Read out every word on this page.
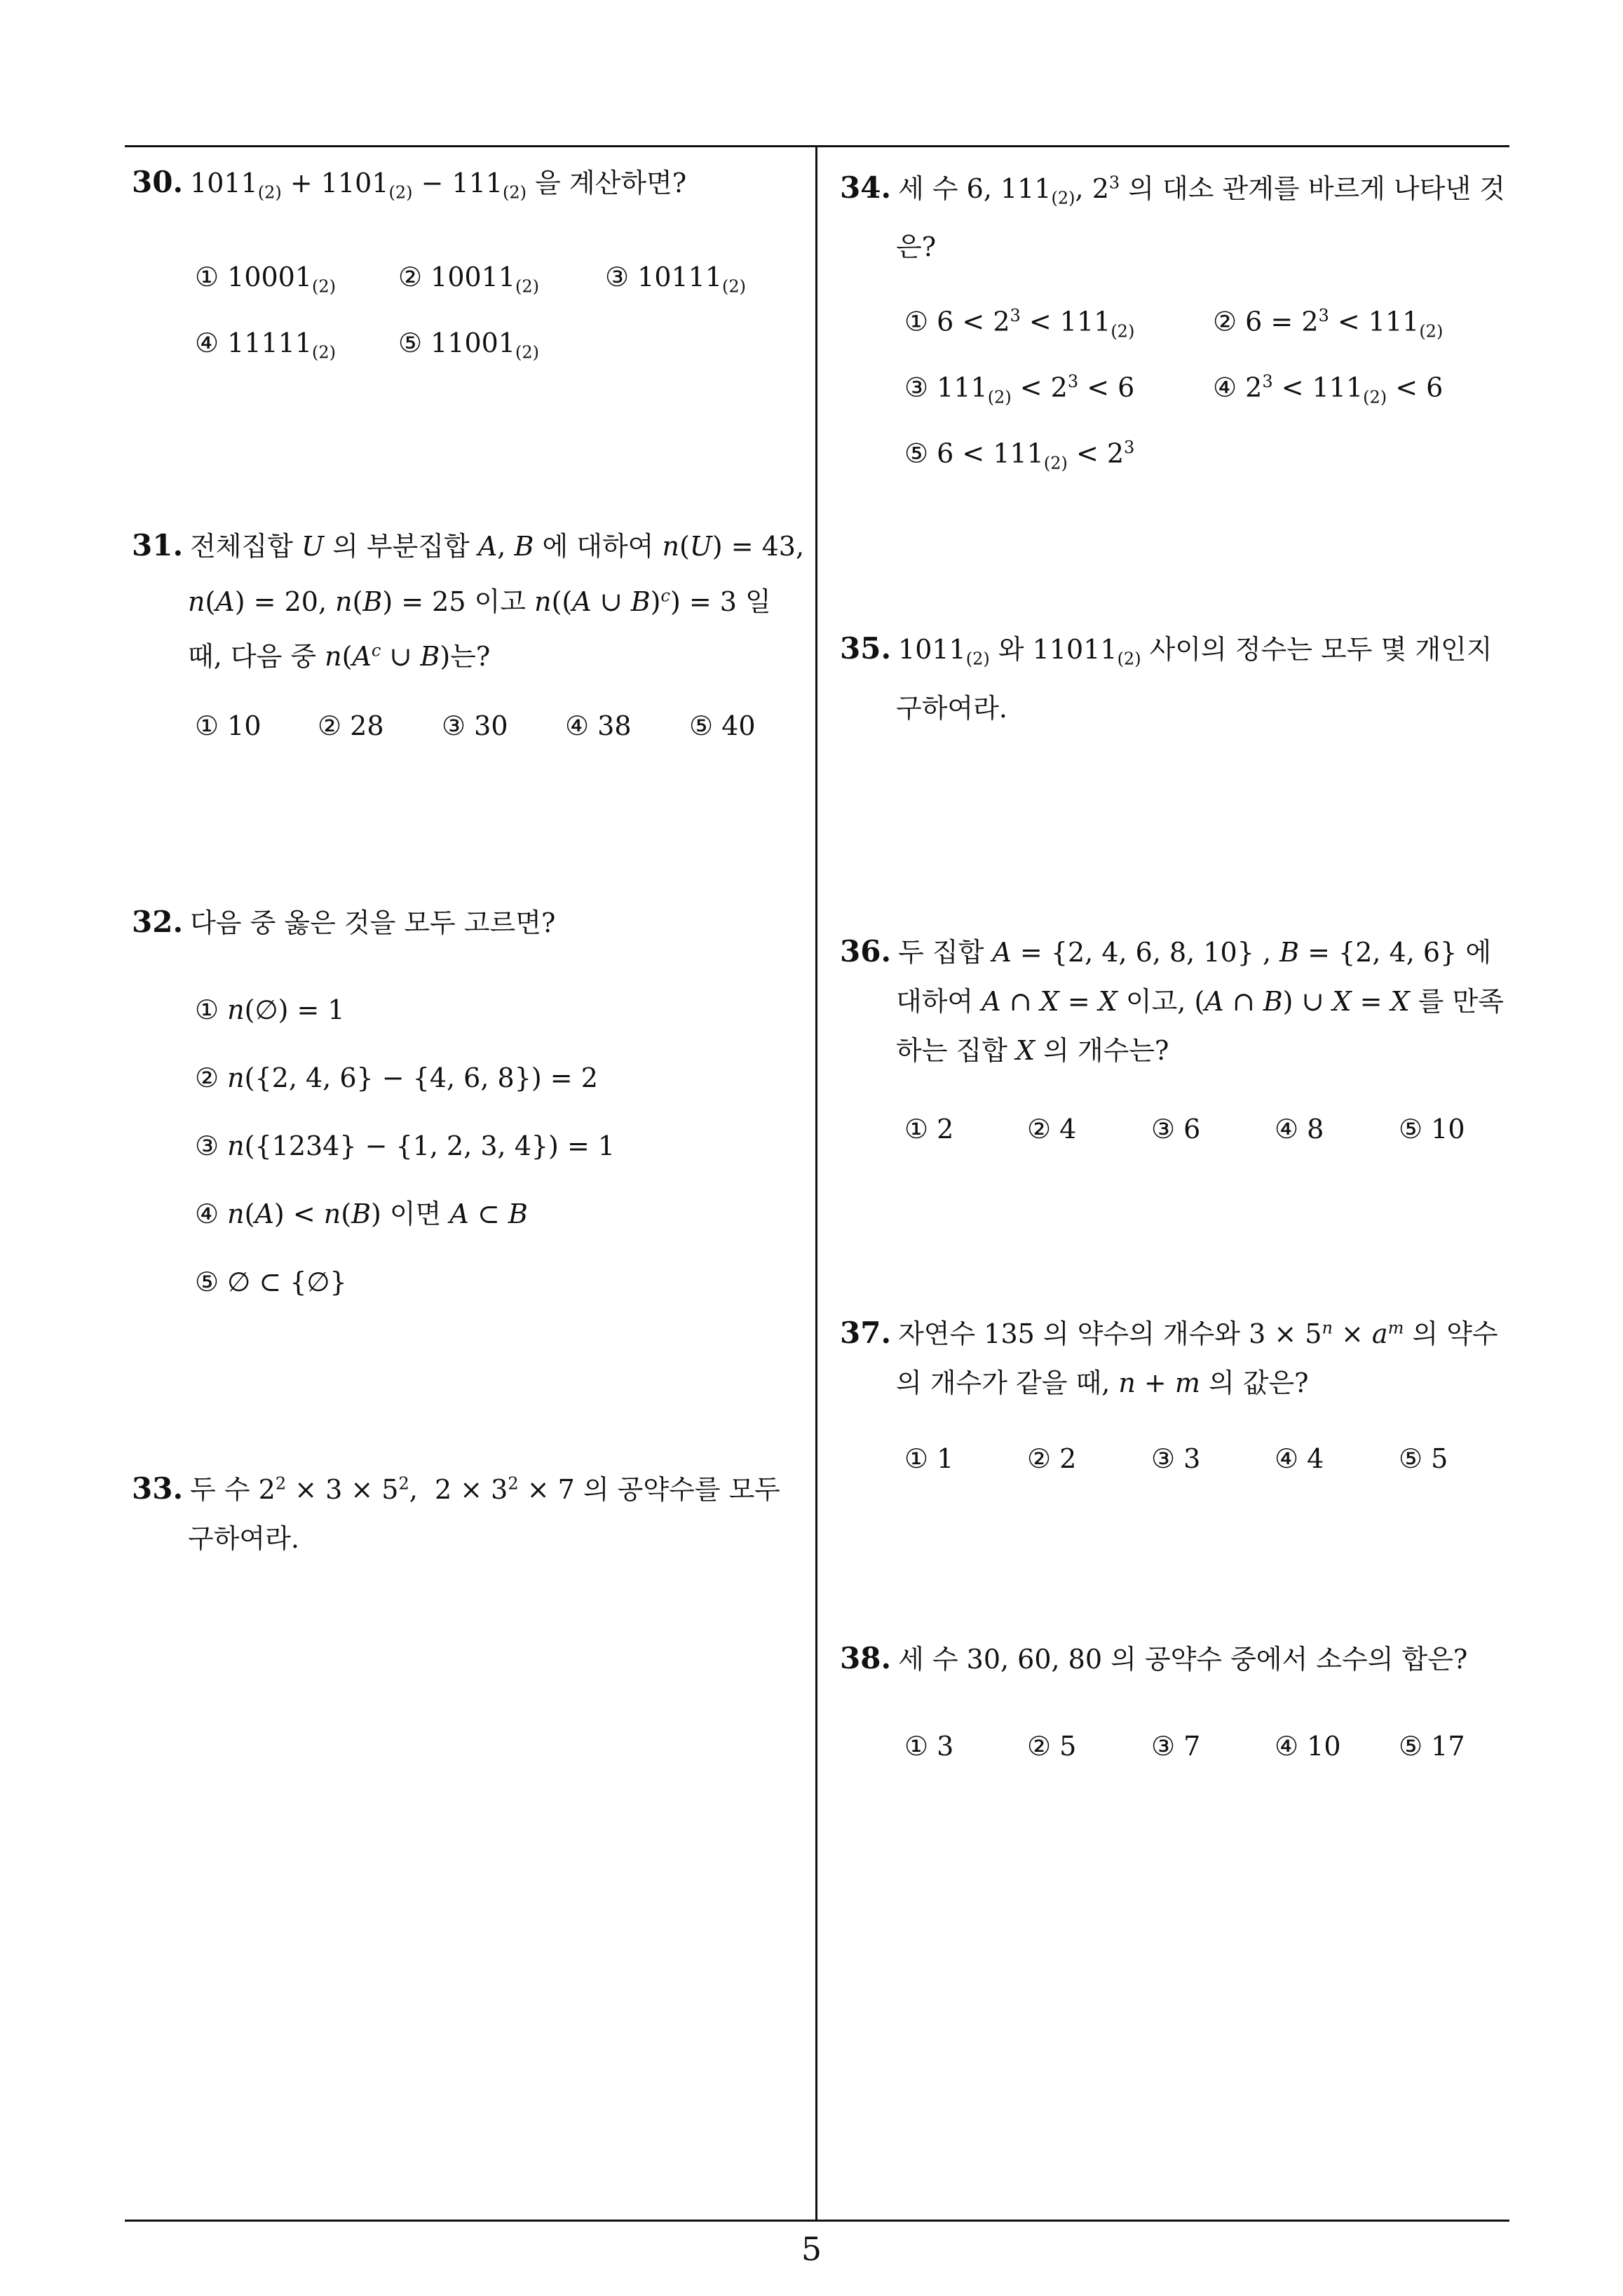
30. $1011_{(2)} + 1101_{(2)} - 111_{(2)}$ 을 계산하면?

① $10001_{(2)}$ ② $10011_{(2)}$ ③ $10111_{(2)}$
④ $11111_{(2)}$ ⑤ $11001_{(2)}$

31. 전체집합 U 의 부분집합 A, B 에 대하여 n(U) = 43, n(A) = 20, n(B) = 25 이고 n((A ∪ B)$^c$) = 3 일 때, 다음 중 $n(A^c$ ∪ B)는?

① 10 ② 28 ③ 30 ④ 38 ⑤ 40

32. 다음 중 옳은 것을 모두 고르면?

① n(∅) = 1
② n({2, 4, 6} − {4, 6, 8}) = 2
③ n({1234} − {1, 2, 3, 4}) = 1
④ n(A) < n(B) 이면 A ⊂ B
⑤ ∅ ⊂ {∅}

33. 두 수 $2^2 \times 3 \times 5^2$,  $2 \times 3^2 \times 7$ 의 공약수를 모두 구하여라.

34. 세 수 6, $111_{(2)}$, $2^3$ 의 대소 관계를 바르게 나타낸 것은?

① $6 < 2^3 < 111_{(2)}$	② $6 = 2^3 < 111_{(2)}$
③ $111_{(2)} < 2^3 < 6$	④ $2^3 < 111_{(2)} < 6$
⑤ $6 < 111_{(2)} < 2^3$

35. $1011_{(2)}$ 와 $11011_{(2)}$ 사이의 정수는 모두 몇 개인지 구하여라.

36. 두 집합 A = {2, 4, 6, 8, 10} , B = {2, 4, 6} 에 대하여 A ∩ X = X 이고, (A ∩ B) ∪ X = X 를 만족하는 집합 X 의 개수는?

① 2	② 4	③ 6	④ 8	⑤ 10

37. 자연수 135 의 약수의 개수와 $3 \times 5^n \times a^m$ 의 약수의 개수가 같을 때, n + m 의 값은?

① 1	② 2	③ 3	④ 4	⑤ 5

38. 세 수 30, 60, 80 의 공약수 중에서 소수의 합은?

① 3	② 5	③ 7	④ 10 ⑤ 17
5
